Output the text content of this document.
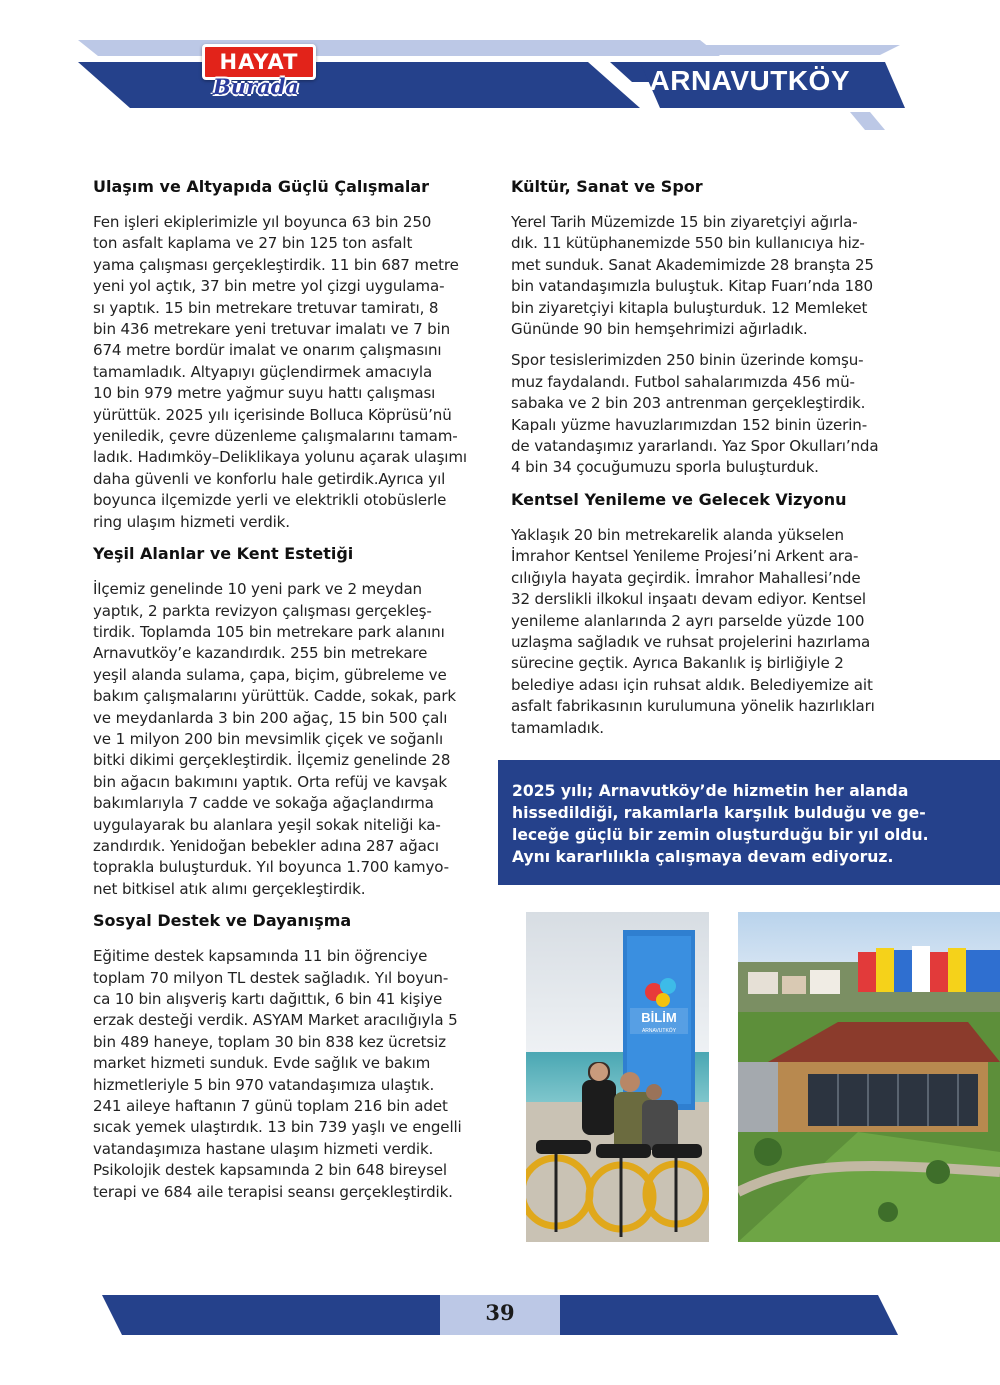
HAYAT
Burada	ARNAVUTKÖY
Ulaşım ve Altyapıda Güçlü Çalışmalar

Fen işleri ekiplerimizle yıl boyunca 63 bin 250
ton asfalt kaplama ve 27 bin 125 ton asfalt
yama çalışması gerçekleştirdik. 11 bin 687 metre
yeni yol açtık, 37 bin metre yol çizgi uygulama-
sı yaptık. 15 bin metrekare tretuvar tamiratı, 8
bin 436 metrekare yeni tretuvar imalatı ve 7 bin
674 metre bordür imalat ve onarım çalışmasını
tamamladık. Altyapıyı güçlendirmek amacıyla
10 bin 979 metre yağmur suyu hattı çalışması
yürüttük. 2025 yılı içerisinde Bolluca Köprüsü’nü
yeniledik, çevre düzenleme çalışmalarını tamam-
ladık. Hadımköy–Deliklikaya yolunu açarak ulaşımı
daha güvenli ve konforlu hale getirdik.Ayrıca yıl
boyunca ilçemizde yerli ve elektrikli otobüslerle
ring ulaşım hizmeti verdik.

Yeşil Alanlar ve Kent Estetiği

İlçemiz genelinde 10 yeni park ve 2 meydan
yaptık, 2 parkta revizyon çalışması gerçekleş-
tirdik. Toplamda 105 bin metrekare park alanını
Arnavutköy’e kazandırdık. 255 bin metrekare
yeşil alanda sulama, çapa, biçim, gübreleme ve
bakım çalışmalarını yürüttük. Cadde, sokak, park
ve meydanlarda 3 bin 200 ağaç, 15 bin 500 çalı
ve 1 milyon 200 bin mevsimlik çiçek ve soğanlı
bitki dikimi gerçekleştirdik. İlçemiz genelinde 28
bin ağacın bakımını yaptık. Orta refüj ve kavşak
bakımlarıyla 7 cadde ve sokağa ağaçlandırma
uygulayarak bu alanlara yeşil sokak niteliği ka-
zandırdık. Yenidoğan bebekler adına 287 ağacı
toprakla buluşturduk. Yıl boyunca 1.700 kamyo-
net bitkisel atık alımı gerçekleştirdik.

Sosyal Destek ve Dayanışma

Eğitime destek kapsamında 11 bin öğrenciye
toplam 70 milyon TL destek sağladık. Yıl boyun-
ca 10 bin alışveriş kartı dağıttık, 6 bin 41 kişiye
erzak desteği verdik. ASYAM Market aracılığıyla 5
bin 489 haneye, toplam 30 bin 838 kez ücretsiz
market hizmeti sunduk. Evde sağlık ve bakım
hizmetleriyle 5 bin 970 vatandaşımıza ulaştık.
241 aileye haftanın 7 günü toplam 216 bin adet
sıcak yemek ulaştırdık. 13 bin 739 yaşlı ve engelli
vatandaşımıza hastane ulaşım hizmeti verdik.
Psikolojik destek kapsamında 2 bin 648 bireysel
terapi ve 684 aile terapisi seansı gerçekleştirdik.

Kültür, Sanat ve Spor

Yerel Tarih Müzemizde 15 bin ziyaretçiyi ağırla-
dık. 11 kütüphanemizde 550 bin kullanıcıya hiz-
met sunduk. Sanat Akademimizde 28 branşta 25
bin vatandaşımızla buluştuk. Kitap Fuarı’nda 180
bin ziyaretçiyi kitapla buluşturduk. 12 Memleket
Gününde 90 bin hemşehrimizi ağırladık.

Spor tesislerimizden 250 binin üzerinde komşu-
muz faydalandı. Futbol sahalarımızda 456 mü-
sabaka ve 2 bin 203 antrenman gerçekleştirdik.
Kapalı yüzme havuzlarımızdan 152 binin üzerin-
de vatandaşımız yararlandı. Yaz Spor Okulları’nda
4 bin 34 çocuğumuzu sporla buluşturduk.

Kentsel Yenileme ve Gelecek Vizyonu

Yaklaşık 20 bin metrekarelik alanda yükselen
İmrahor Kentsel Yenileme Projesi’ni Arkent ara-
cılığıyla hayata geçirdik. İmrahor Mahallesi’nde
32 derslikli ilkokul inşaatı devam ediyor. Kentsel
yenileme alanlarında 2 ayrı parselde yüzde 100
uzlaşma sağladık ve ruhsat projelerini hazırlama
sürecine geçtik. Ayrıca Bakanlık iş birliğiyle 2
belediye adası için ruhsat aldık. Belediyemize ait
asfalt fabrikasının kurulumuna yönelik hazırlıkları
tamamladık.

2025 yılı; Arnavutköy’de hizmetin her alanda
hissedildiği, rakamlarla karşılık bulduğu ve ge-
leceğe güçlü bir zemin oluşturduğu bir yıl oldu.
Aynı kararlılıkla çalışmaya devam ediyoruz.
BİLİM
ARNAVUTKÖY
39
